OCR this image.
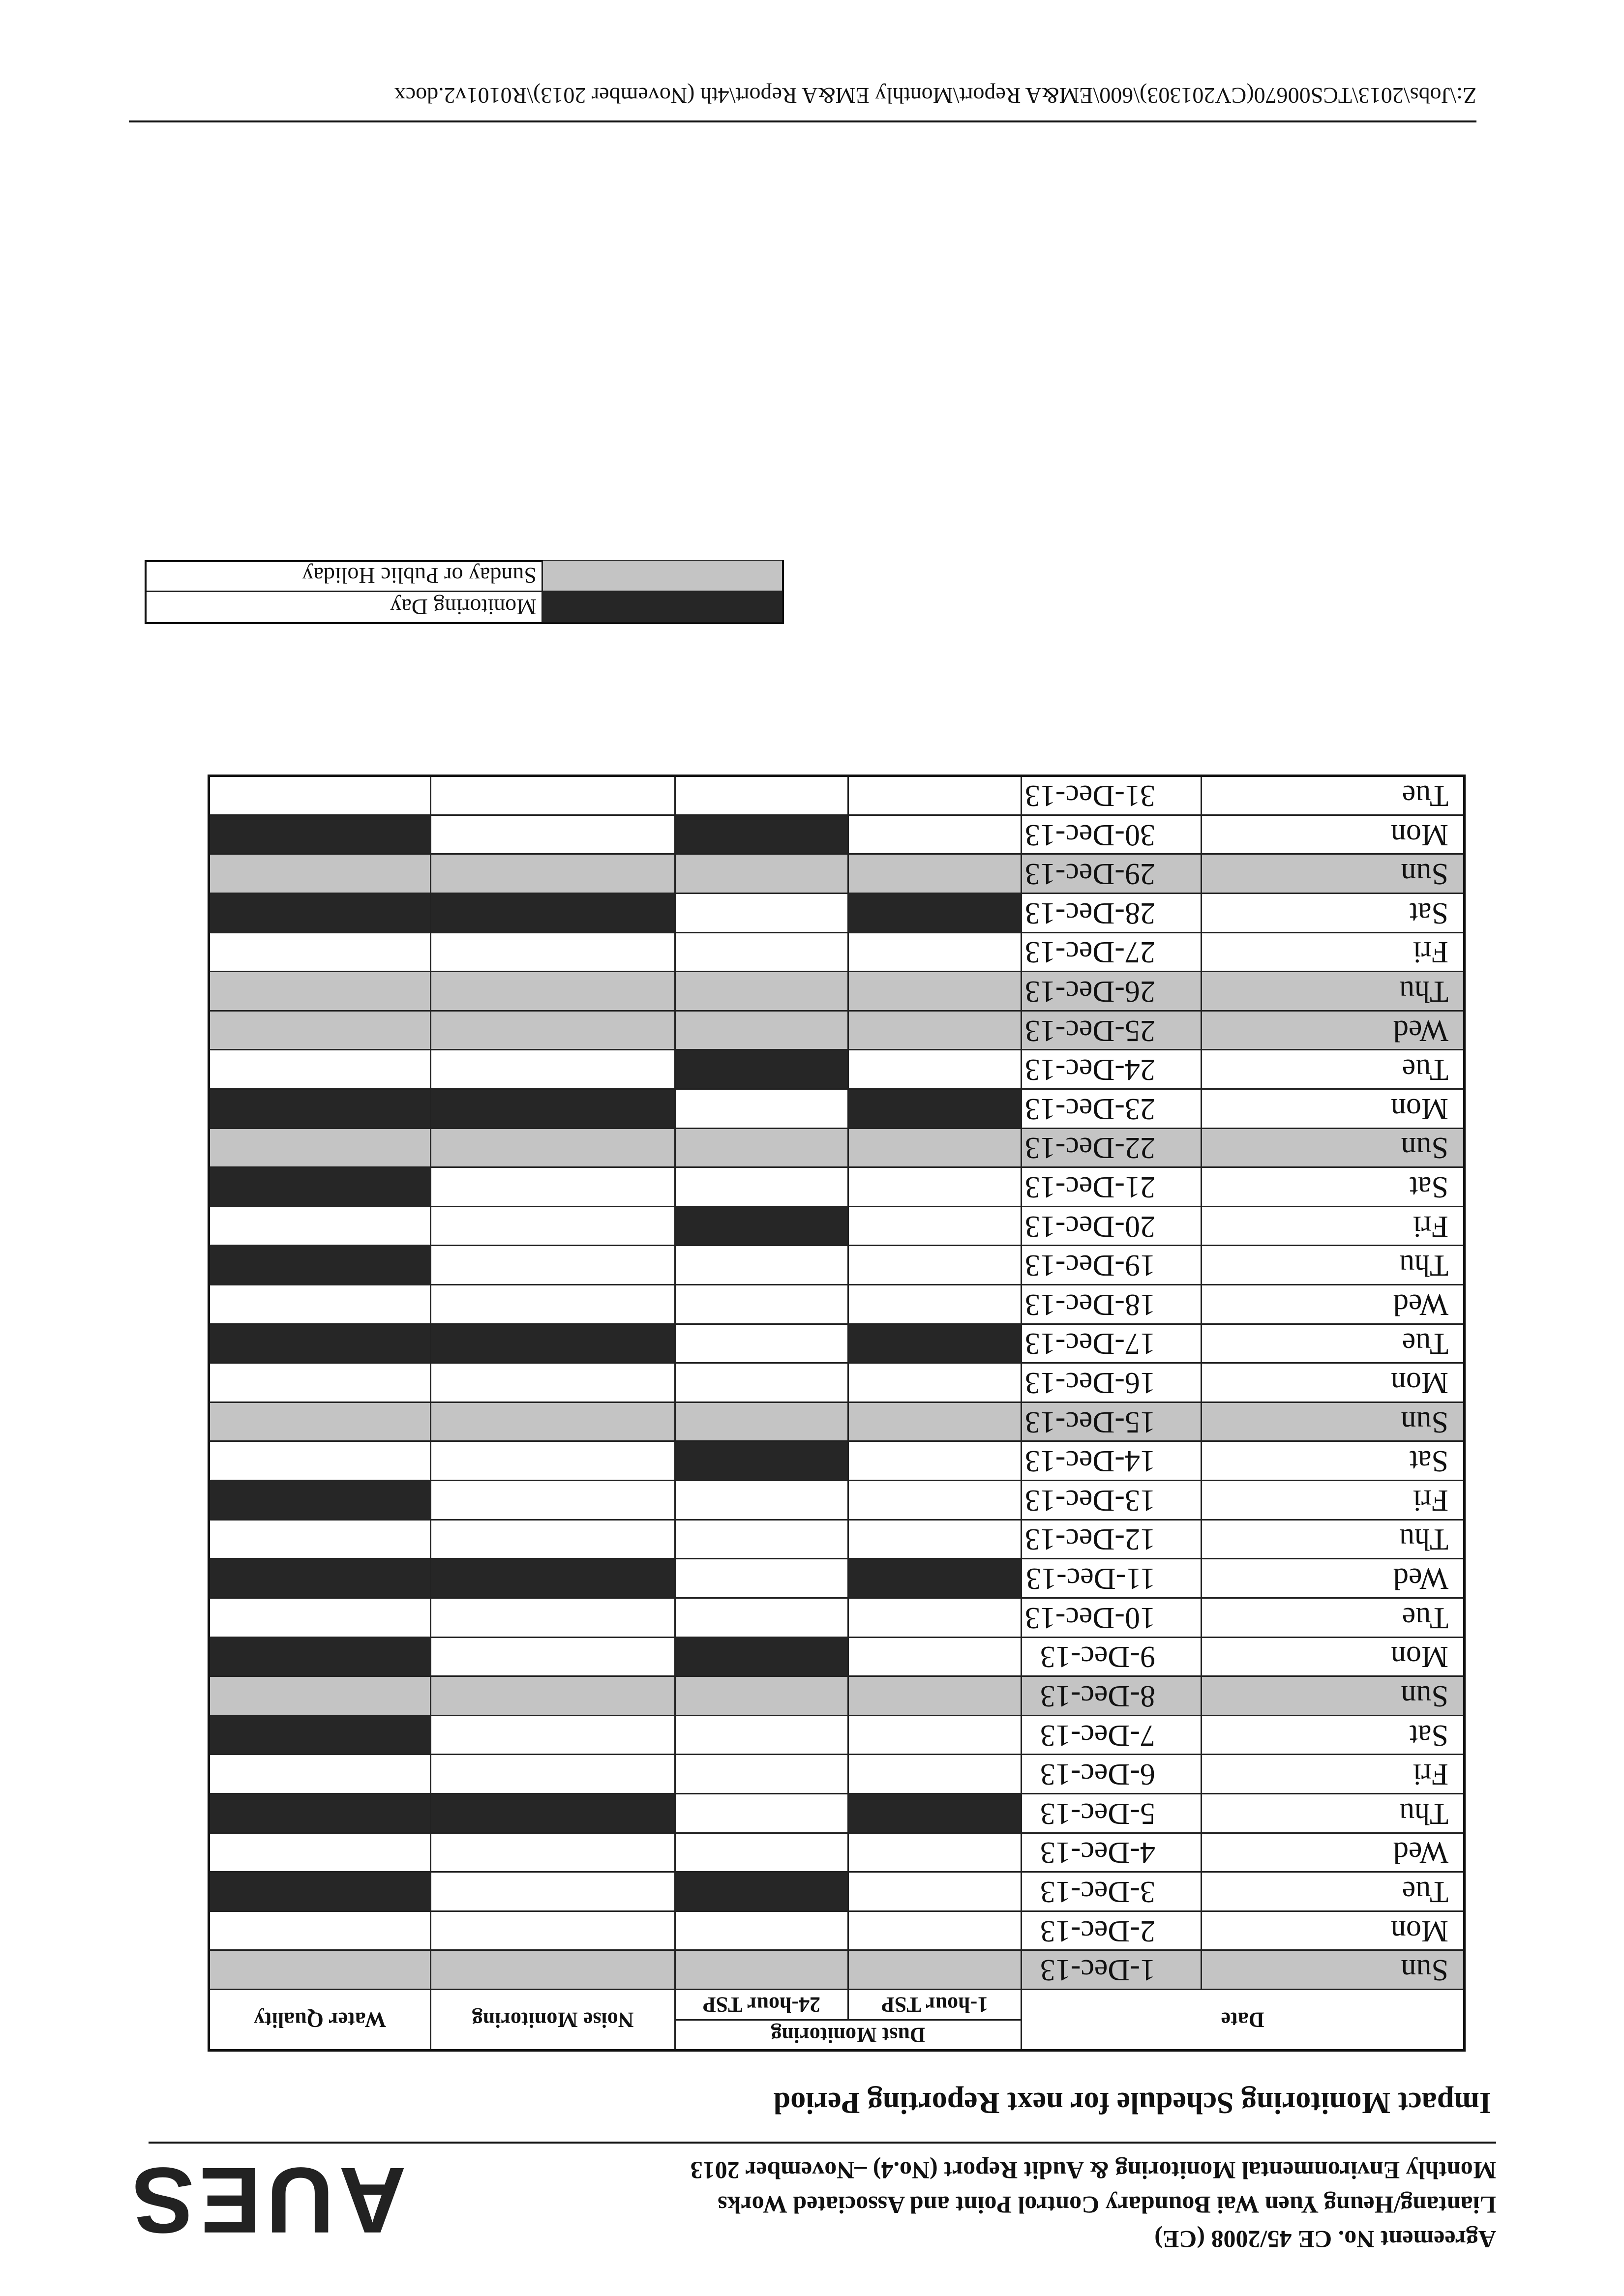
Agreement No. CE 45/2008 (CE)
Liantang/Heung Yuen Wai Boundary Control Point and Associated Works
Monthly Environmental Monitoring & Audit Report (No.4) –November 2013
AUES
Impact Monitoring Schedule for next Reporting Period
Date		Dust Monitoring		Noise Monitoring	Water Quality
		1-hour TSP	24-hour TSP		
Sun	1-Dec-13				
Mon	2-Dec-13				
Tue	3-Dec-13				
Wed	4-Dec-13				
Thu	5-Dec-13				
Fri	6-Dec-13				
Sat	7-Dec-13				
Sun	8-Dec-13				
Mon	9-Dec-13				
Tue	10-Dec-13				
Wed	11-Dec-13				
Thu	12-Dec-13				
Fri	13-Dec-13				
Sat	14-Dec-13				
Sun	15-Dec-13				
Mon	16-Dec-13				
Tue	17-Dec-13				
Wed	18-Dec-13				
Thu	19-Dec-13				
Fri	20-Dec-13				
Sat	21-Dec-13				
Sun	22-Dec-13				
Mon	23-Dec-13				
Tue	24-Dec-13				
Wed	25-Dec-13				
Thu	26-Dec-13				
Fri	27-Dec-13				
Sat	28-Dec-13				
Sun	29-Dec-13				
Mon	30-Dec-13				
Tue	31-Dec-13				
Monitoring Day
Sunday or Public Holiday
Z:\Jobs\2013\TCS00670(CV201303)\600\EM&A Report\Monthly EM&A Report\4th (November 2013)\R0101v2.docx
